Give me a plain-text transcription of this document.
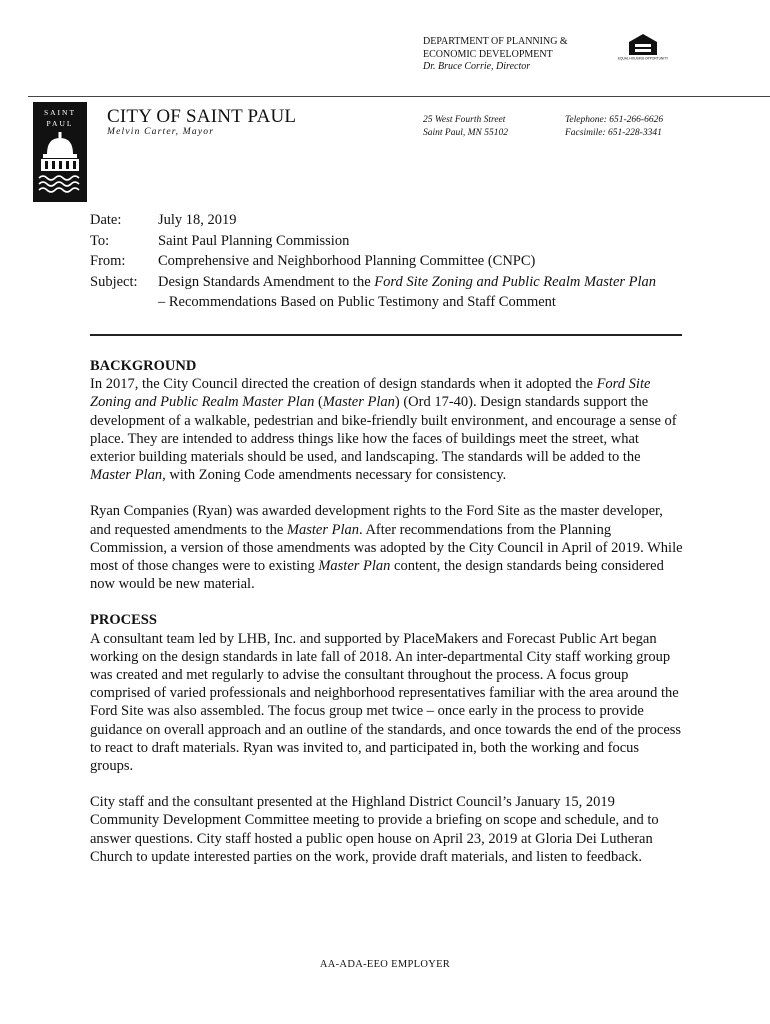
DEPARTMENT OF PLANNING &
ECONOMIC DEVELOPMENT
Dr. Bruce Corrie, Director
EQUAL HOUSING OPPORTUNITY
SAINT
PAUL CITY OF SAINT PAUL
Melvin Carter, Mayor
25 West Fourth Street
Saint Paul, MN 55102
Telephone: 651-266-6626
Facsimile: 651-228-3341
Date:	July 18, 2019
To:	Saint Paul Planning Commission
From:	Comprehensive and Neighborhood Planning Committee (CNPC)
Subject:	Design Standards Amendment to the Ford Site Zoning and Public Realm Master Plan
– Recommendations Based on Public Testimony and Staff Comment
BACKGROUND

In 2017, the City Council directed the creation of design standards when it adopted the Ford Site Zoning and Public Realm Master Plan (Master Plan) (Ord 17-40). Design standards support the development of a walkable, pedestrian and bike-friendly built environment, and encourage a sense of place. They are intended to address things like how the faces of buildings meet the street, what exterior building materials should be used, and landscaping. The standards will be added to the Master Plan, with Zoning Code amendments necessary for consistency.

Ryan Companies (Ryan) was awarded development rights to the Ford Site as the master developer, and requested amendments to the Master Plan. After recommendations from the Planning Commission, a version of those amendments was adopted by the City Council in April of 2019. While most of those changes were to existing Master Plan content, the design standards being considered now would be new material.

PROCESS

A consultant team led by LHB, Inc. and supported by PlaceMakers and Forecast Public Art began working on the design standards in late fall of 2018. An inter-departmental City staff working group was created and met regularly to advise the consultant throughout the process. A focus group comprised of varied professionals and neighborhood representatives familiar with the area around the Ford Site was also assembled. The focus group met twice – once early in the process to provide guidance on overall approach and an outline of the standards, and once towards the end of the process to react to draft materials. Ryan was invited to, and participated in, both the working and focus groups.

City staff and the consultant presented at the Highland District Council’s January 15, 2019 Community Development Committee meeting to provide a briefing on scope and schedule, and to answer questions. City staff hosted a public open house on April 23, 2019 at Gloria Dei Lutheran Church to update interested parties on the work, provide draft materials, and listen to feedback.

AA-ADA-EEO EMPLOYER
